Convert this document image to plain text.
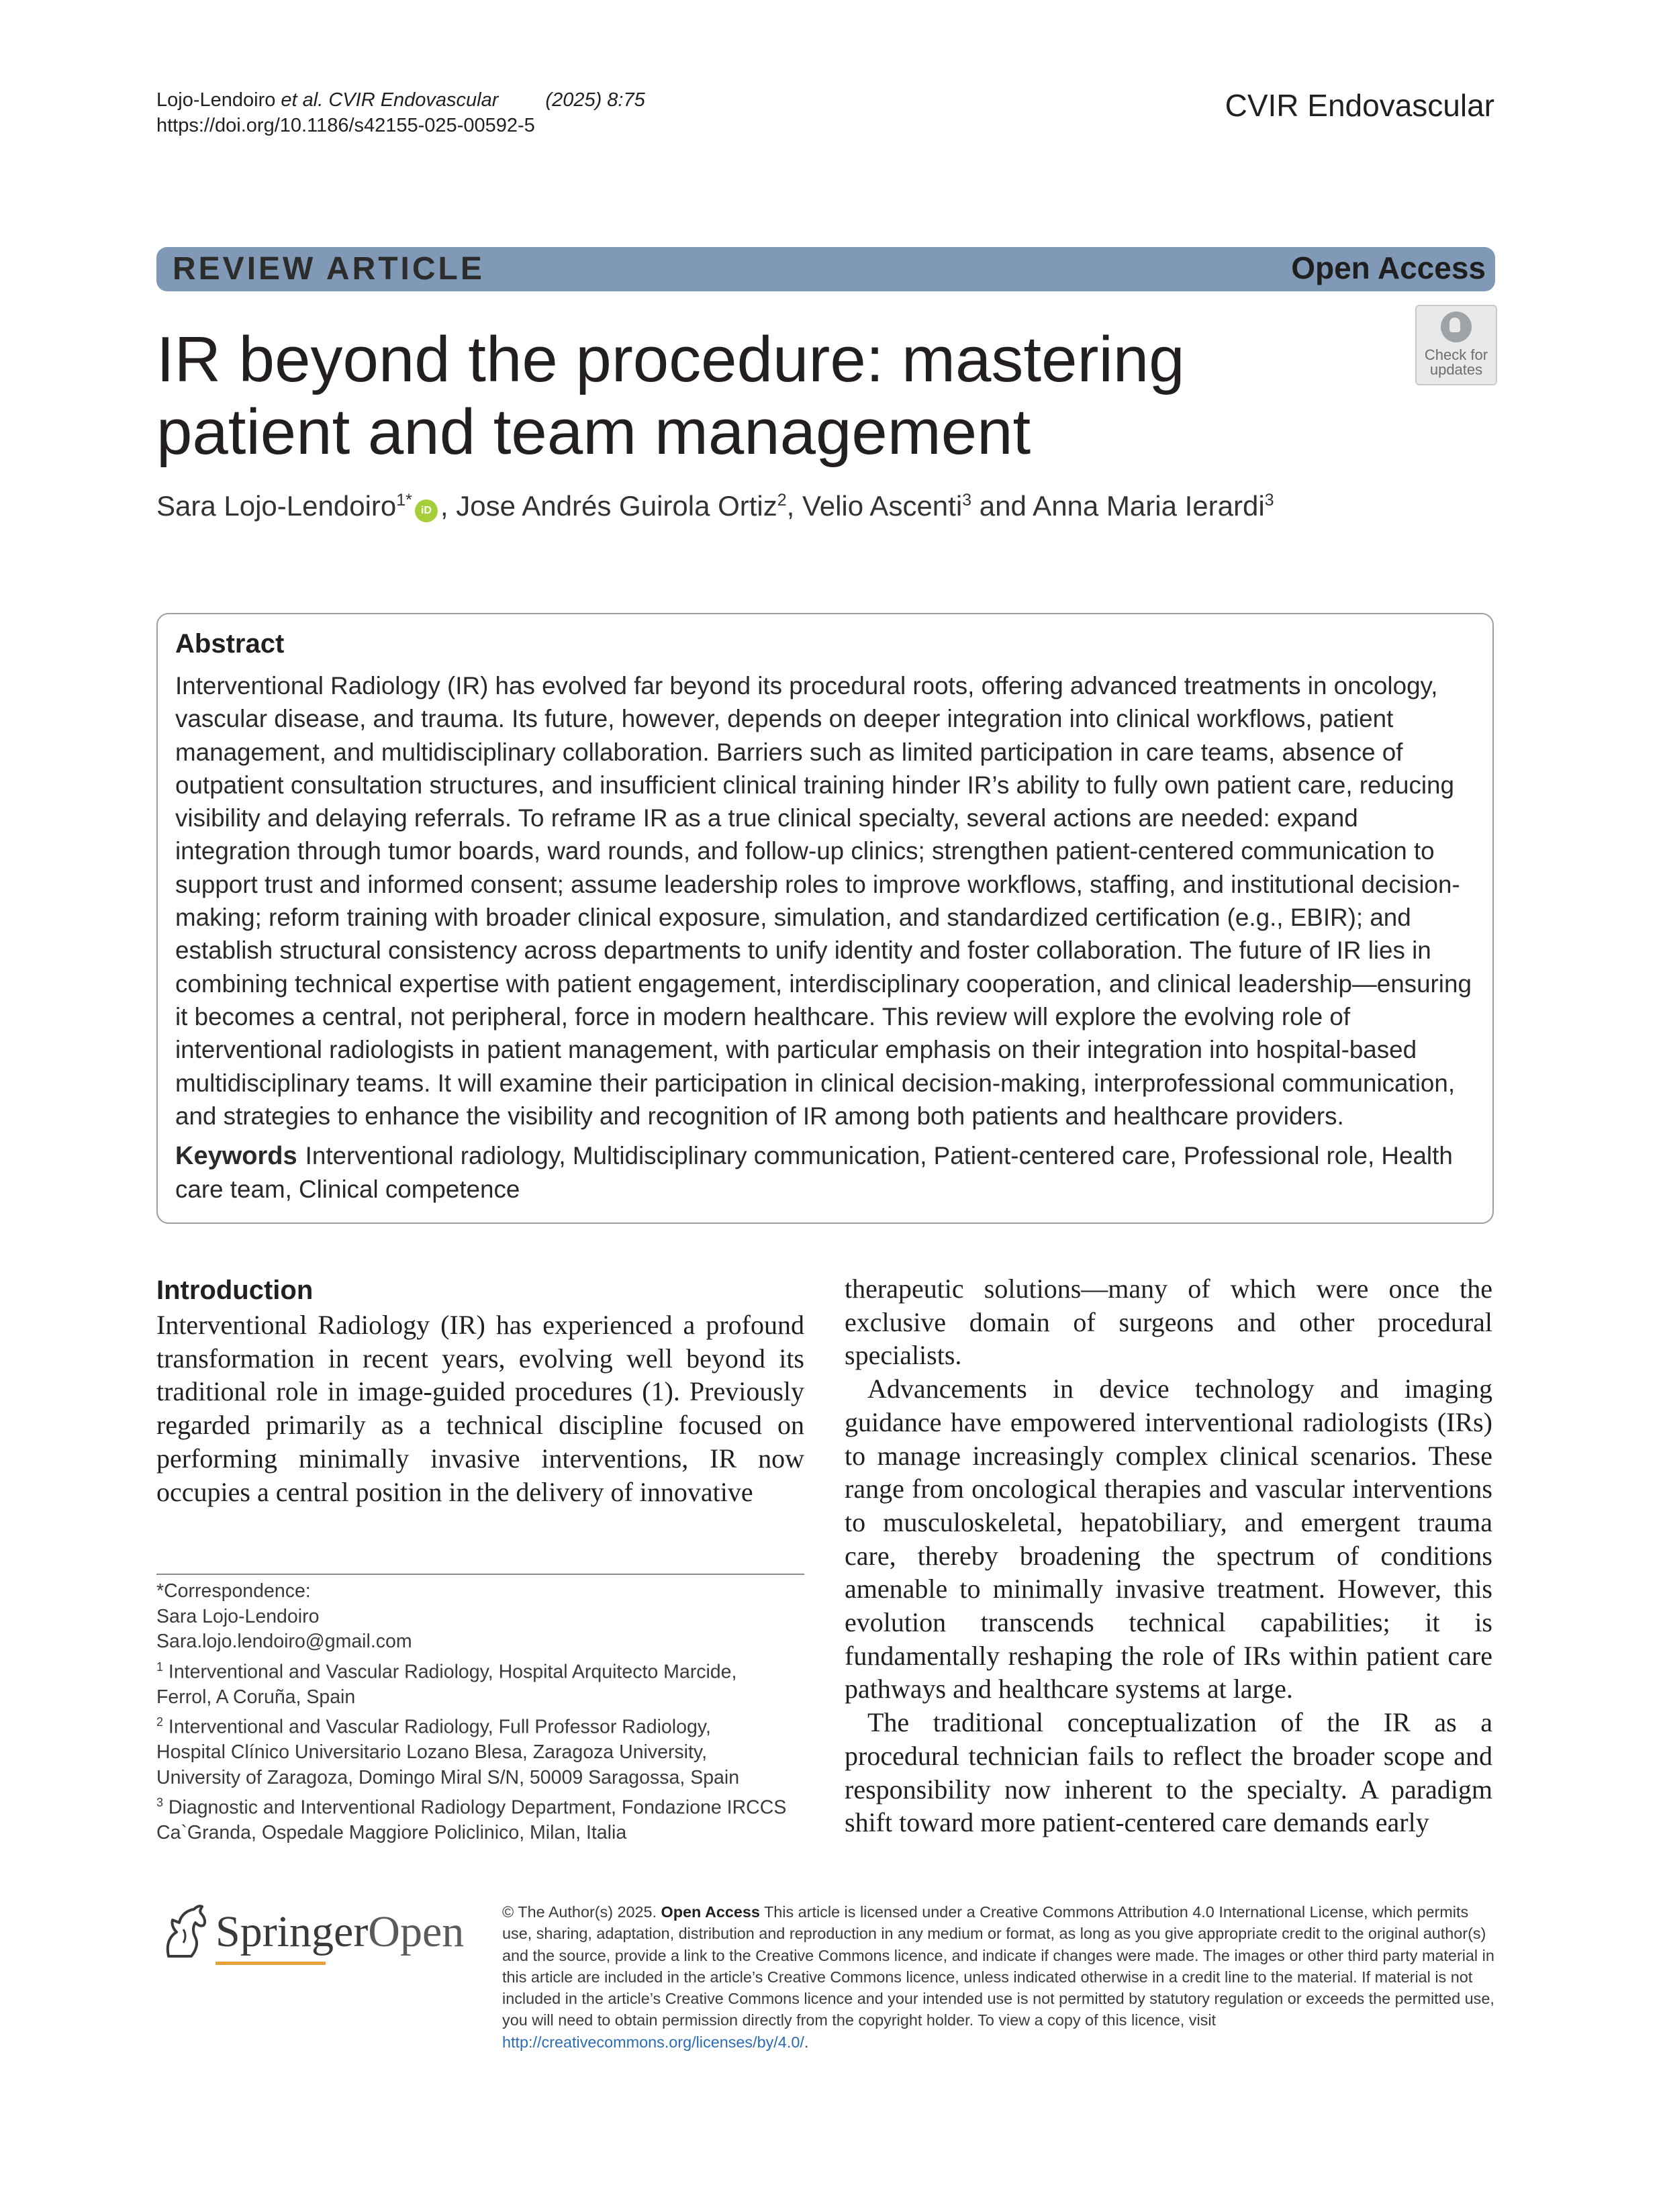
Lojo-Lendoiro et al. CVIR Endovascular (2025) 8:75
https://doi.org/10.1186/s42155-025-00592-5
CVIR Endovascular
REVIEW ARTICLE	Open Access
Check for
updates
IR beyond the procedure: mastering patient and team management
Sara Lojo-Lendoiro$^{1*}$iD , Jose Andrés Guirola Ortiz$^2$, Velio Ascenti$^3$ and Anna Maria Ierardi$^3$
Abstract
Interventional Radiology (IR) has evolved far beyond its procedural roots, offering advanced treatments in oncology, vascular disease, and trauma. Its future, however, depends on deeper integration into clinical workflows, patient management, and multidisciplinary collaboration. Barriers such as limited participation in care teams, absence of outpatient consultation structures, and insufficient clinical training hinder IR’s ability to fully own patient care, reducing visibility and delaying referrals. To reframe IR as a true clinical specialty, several actions are needed: expand integration through tumor boards, ward rounds, and follow-up clinics; strengthen patient-centered communication to support trust and informed consent; assume leadership roles to improve workflows, staffing, and institutional decision-making; reform training with broader clinical exposure, simulation, and standardized certification (e.g., EBIR); and establish structural consistency across departments to unify identity and foster collaboration. The future of IR lies in combining technical expertise with patient engagement, interdisciplinary cooperation, and clinical leadership—ensuring it becomes a central, not peripheral, force in modern healthcare. This review will explore the evolving role of interventional radiologists in patient management, with particular emphasis on their integration into hospital-based multidisciplinary teams. It will examine their participation in clinical decision-making, interprofessional communication, and strategies to enhance the visibility and recognition of IR among both patients and healthcare providers.
Keywords Interventional radiology, Multidisciplinary communication, Patient-centered care, Professional role, Health care team, Clinical competence
Introduction
Interventional Radiology (IR) has experienced a profound transformation in recent years, evolving well beyond its traditional role in image-guided procedures (1). Previously regarded primarily as a technical discipline focused on performing minimally invasive interventions, IR now occupies a central position in the delivery of innovative

therapeutic solutions—many of which were once the exclusive domain of surgeons and other procedural specialists.

Advancements in device technology and imaging guidance have empowered interventional radiologists (IRs) to manage increasingly complex clinical scenarios. These range from oncological therapies and vascular interventions to musculoskeletal, hepatobiliary, and emergent trauma care, thereby broadening the spectrum of conditions amenable to minimally invasive treatment. However, this evolution transcends technical capabilities; it is fundamentally reshaping the role of IRs within patient care pathways and healthcare systems at large.

The traditional conceptualization of the IR as a procedural technician fails to reflect the broader scope and responsibility now inherent to the specialty. A paradigm shift toward more patient-centered care demands early

*Correspondence:
Sara Lojo-Lendoiro
Sara.lojo.lendoiro@gmail.com
$^1$ Interventional and Vascular Radiology, Hospital Arquitecto Marcide, Ferrol, A Coruña, Spain
$^2$ Interventional and Vascular Radiology, Full Professor Radiology, Hospital Clínico Universitario Lozano Blesa, Zaragoza University, University of Zaragoza, Domingo Miral S/N, 50009 Saragossa, Spain
$^3$ Diagnostic and Interventional Radiology Department, Fondazione IRCCS Ca`Granda, Ospedale Maggiore Policlinico, Milan, Italia
SpringerOpen © The Author(s) 2025. Open Access This article is licensed under a Creative Commons Attribution 4.0 International License, which permits use, sharing, adaptation, distribution and reproduction in any medium or format, as long as you give appropriate credit to the original author(s) and the source, provide a link to the Creative Commons licence, and indicate if changes were made. The images or other third party material in this article are included in the article’s Creative Commons licence, unless indicated otherwise in a credit line to the material. If material is not included in the article’s Creative Commons licence and your intended use is not permitted by statutory regulation or exceeds the permitted use, you will need to obtain permission directly from the copyright holder. To view a copy of this licence, visit http://creativecommons.org/licenses/by/4.0/.
